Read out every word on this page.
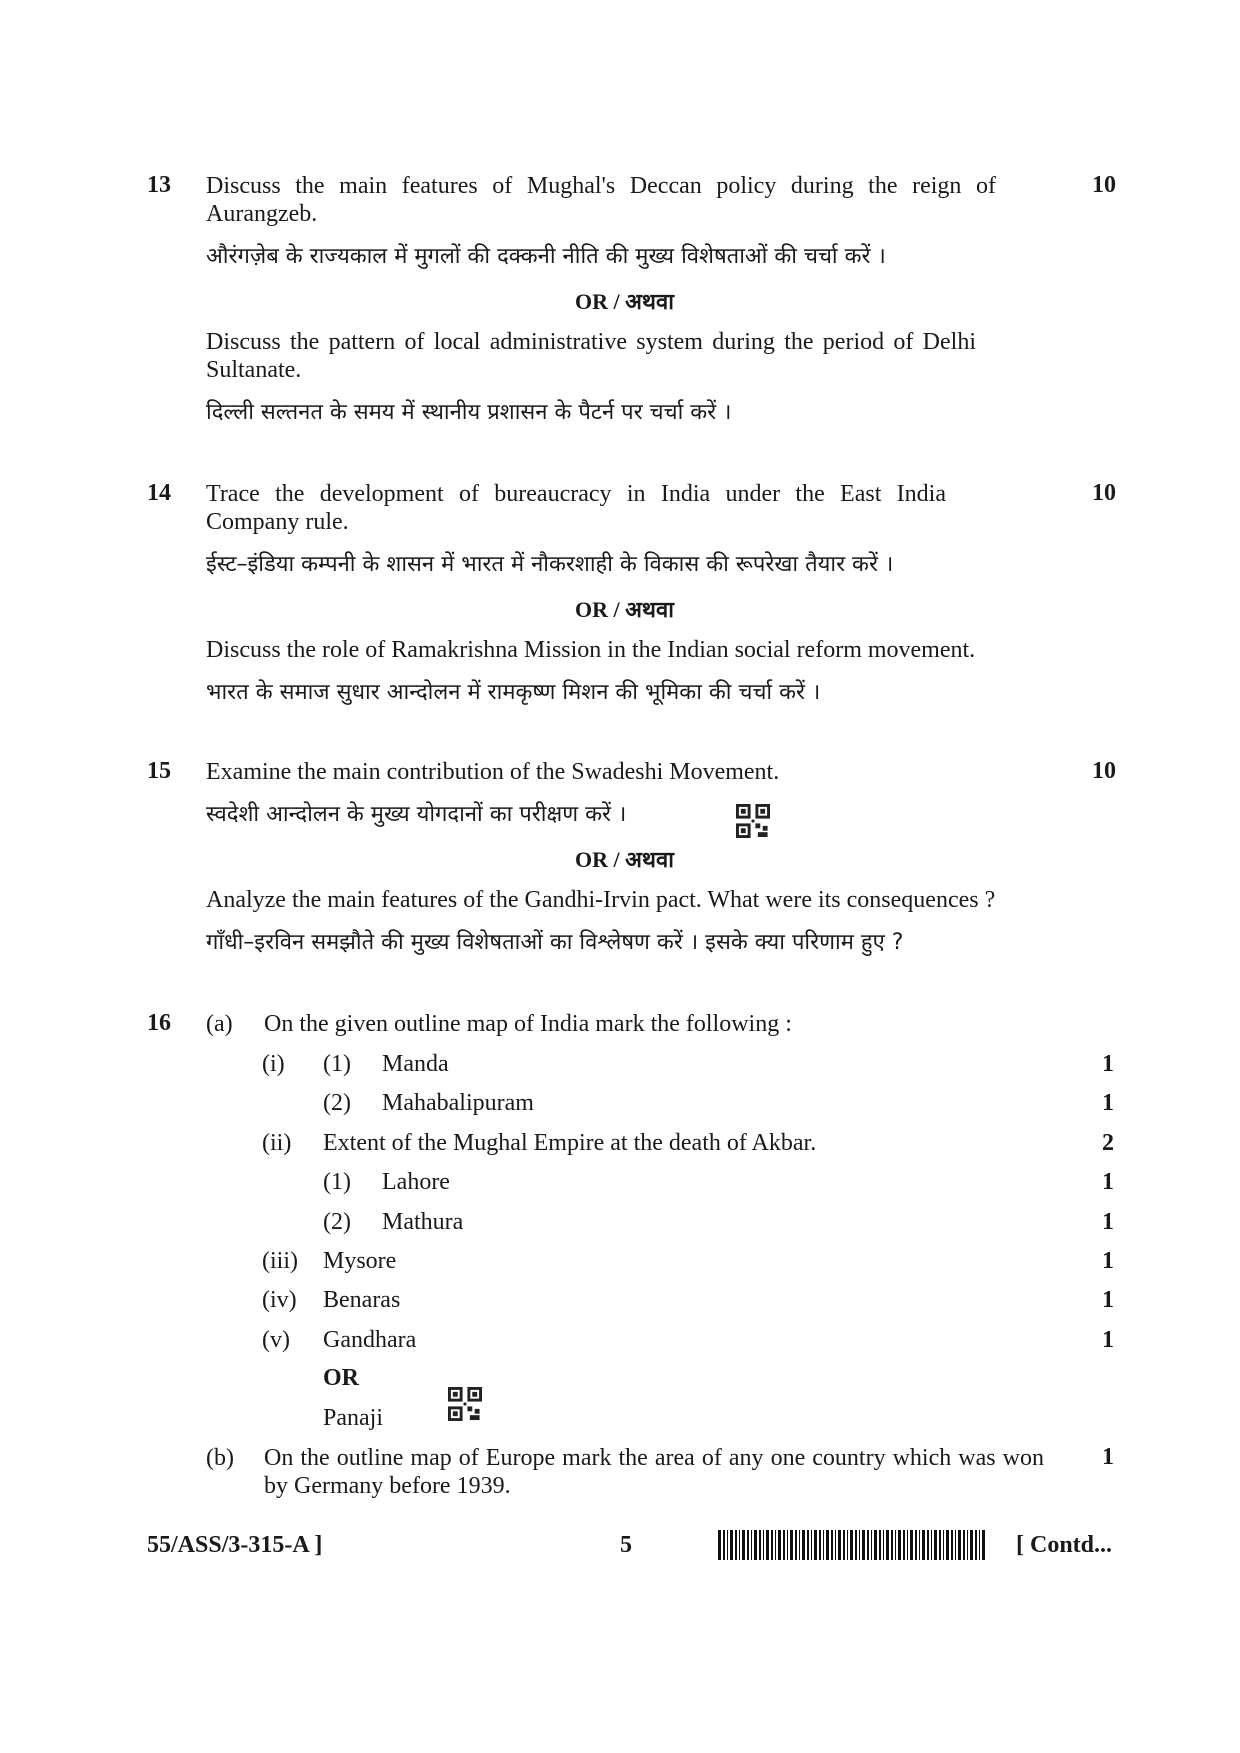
13	10
Discuss the main features of Mughal's Deccan policy during the reign of Aurangzeb.
औरंगज़ेब के राज्यकाल में मुगलों की दक्कनी नीति की मुख्य विशेषताओं की चर्चा करें ।
OR / अथवा
Discuss the pattern of local administrative system during the period of Delhi Sultanate.
दिल्ली सल्तनत के समय में स्थानीय प्रशासन के पैटर्न पर चर्चा करें ।
14	10
Trace the development of bureaucracy in India under the East India Company rule.
ईस्ट–इंडिया कम्पनी के शासन में भारत में नौकरशाही के विकास की रूपरेखा तैयार करें ।
OR / अथवा
Discuss the role of Ramakrishna Mission in the Indian social reform movement.
भारत के समाज सुधार आन्दोलन में रामकृष्ण मिशन की भूमिका की चर्चा करें ।
15	10
Examine the main contribution of the Swadeshi Movement.
स्वदेशी आन्दोलन के मुख्य योगदानों का परीक्षण करें ।
OR / अथवा
Analyze the main features of the Gandhi-Irvin pact. What were its consequences ?
गाँधी–इरविन समझौते की मुख्य विशेषताओं का विश्लेषण करें । इसके क्या परिणाम हुए ?
16 (a) On the given outline map of India mark the following :
(i) (1) Manda	1
(2) Mahabalipuram	1
(ii) Extent of the Mughal Empire at the death of Akbar.	2
(1) Lahore	1
(2) Mathura	1
(iii) Mysore	1
(iv) Benaras	1
(v) Gandhara	1
OR
Panaji
(b) On the outline map of Europe mark the area of any one country which was won by Germany before 1939.
1
55/ASS/3-315-A ]	5	[ Contd...
